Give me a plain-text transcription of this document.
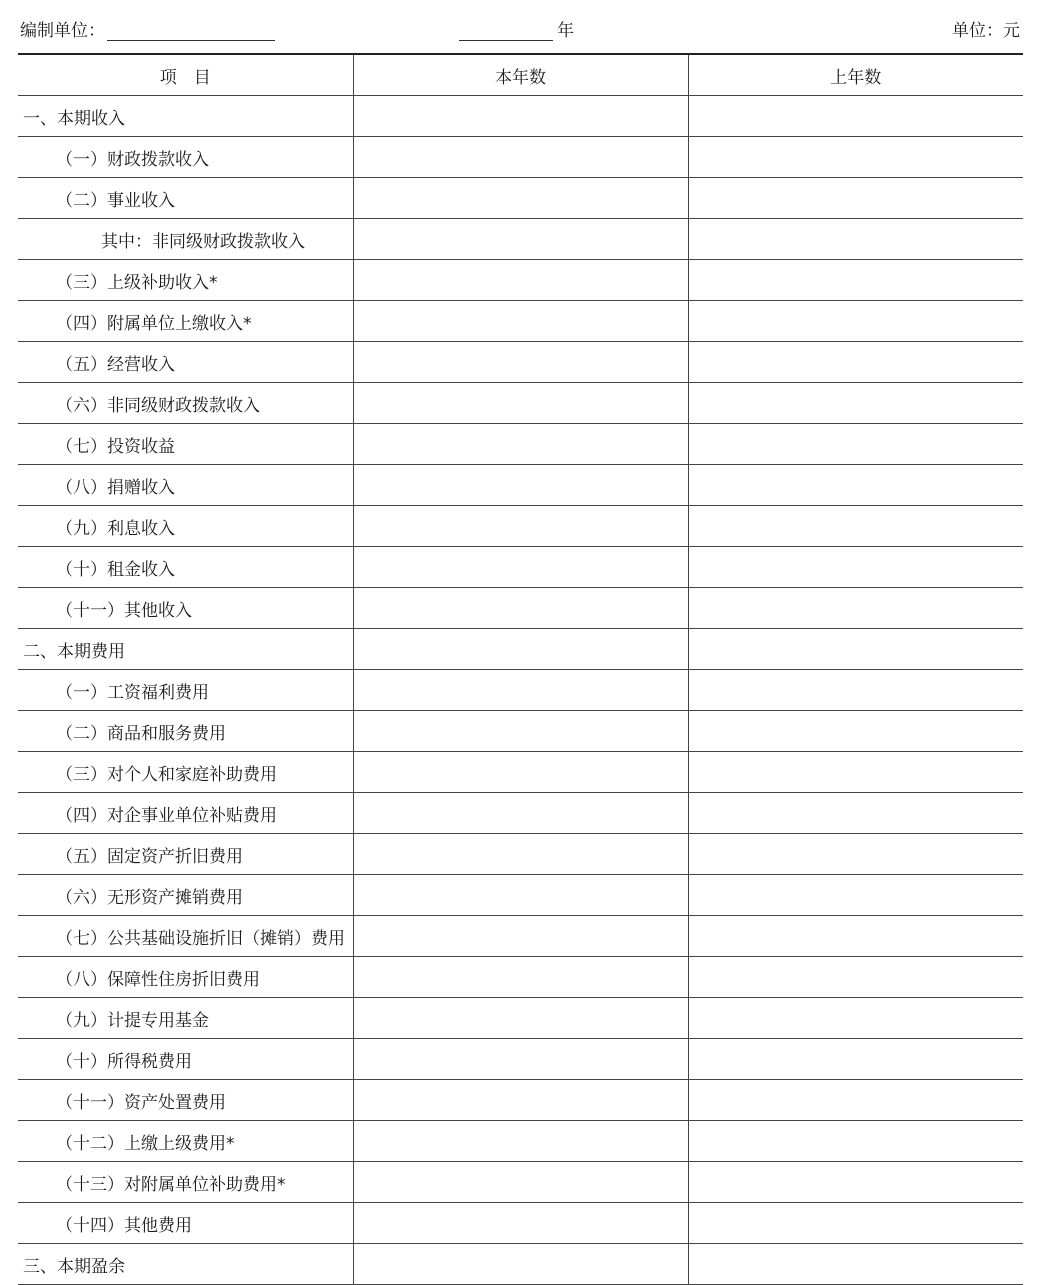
编制单位：	年	单位：元
项　目	本年数	上年数
一、本期收入		
（一）财政拨款收入		
（二）事业收入		
其中：非同级财政拨款收入		
（三）上级补助收入*		
（四）附属单位上缴收入*		
（五）经营收入		
（六）非同级财政拨款收入		
（七）投资收益		
（八）捐赠收入		
（九）利息收入		
（十）租金收入		
（十一）其他收入		
二、本期费用		
（一）工资福利费用		
（二）商品和服务费用		
（三）对个人和家庭补助费用		
（四）对企事业单位补贴费用		
（五）固定资产折旧费用		
（六）无形资产摊销费用		
（七）公共基础设施折旧（摊销）费用		
（八）保障性住房折旧费用		
（九）计提专用基金		
（十）所得税费用		
（十一）资产处置费用		
（十二）上缴上级费用*		
（十三）对附属单位补助费用*		
（十四）其他费用		
三、本期盈余		
